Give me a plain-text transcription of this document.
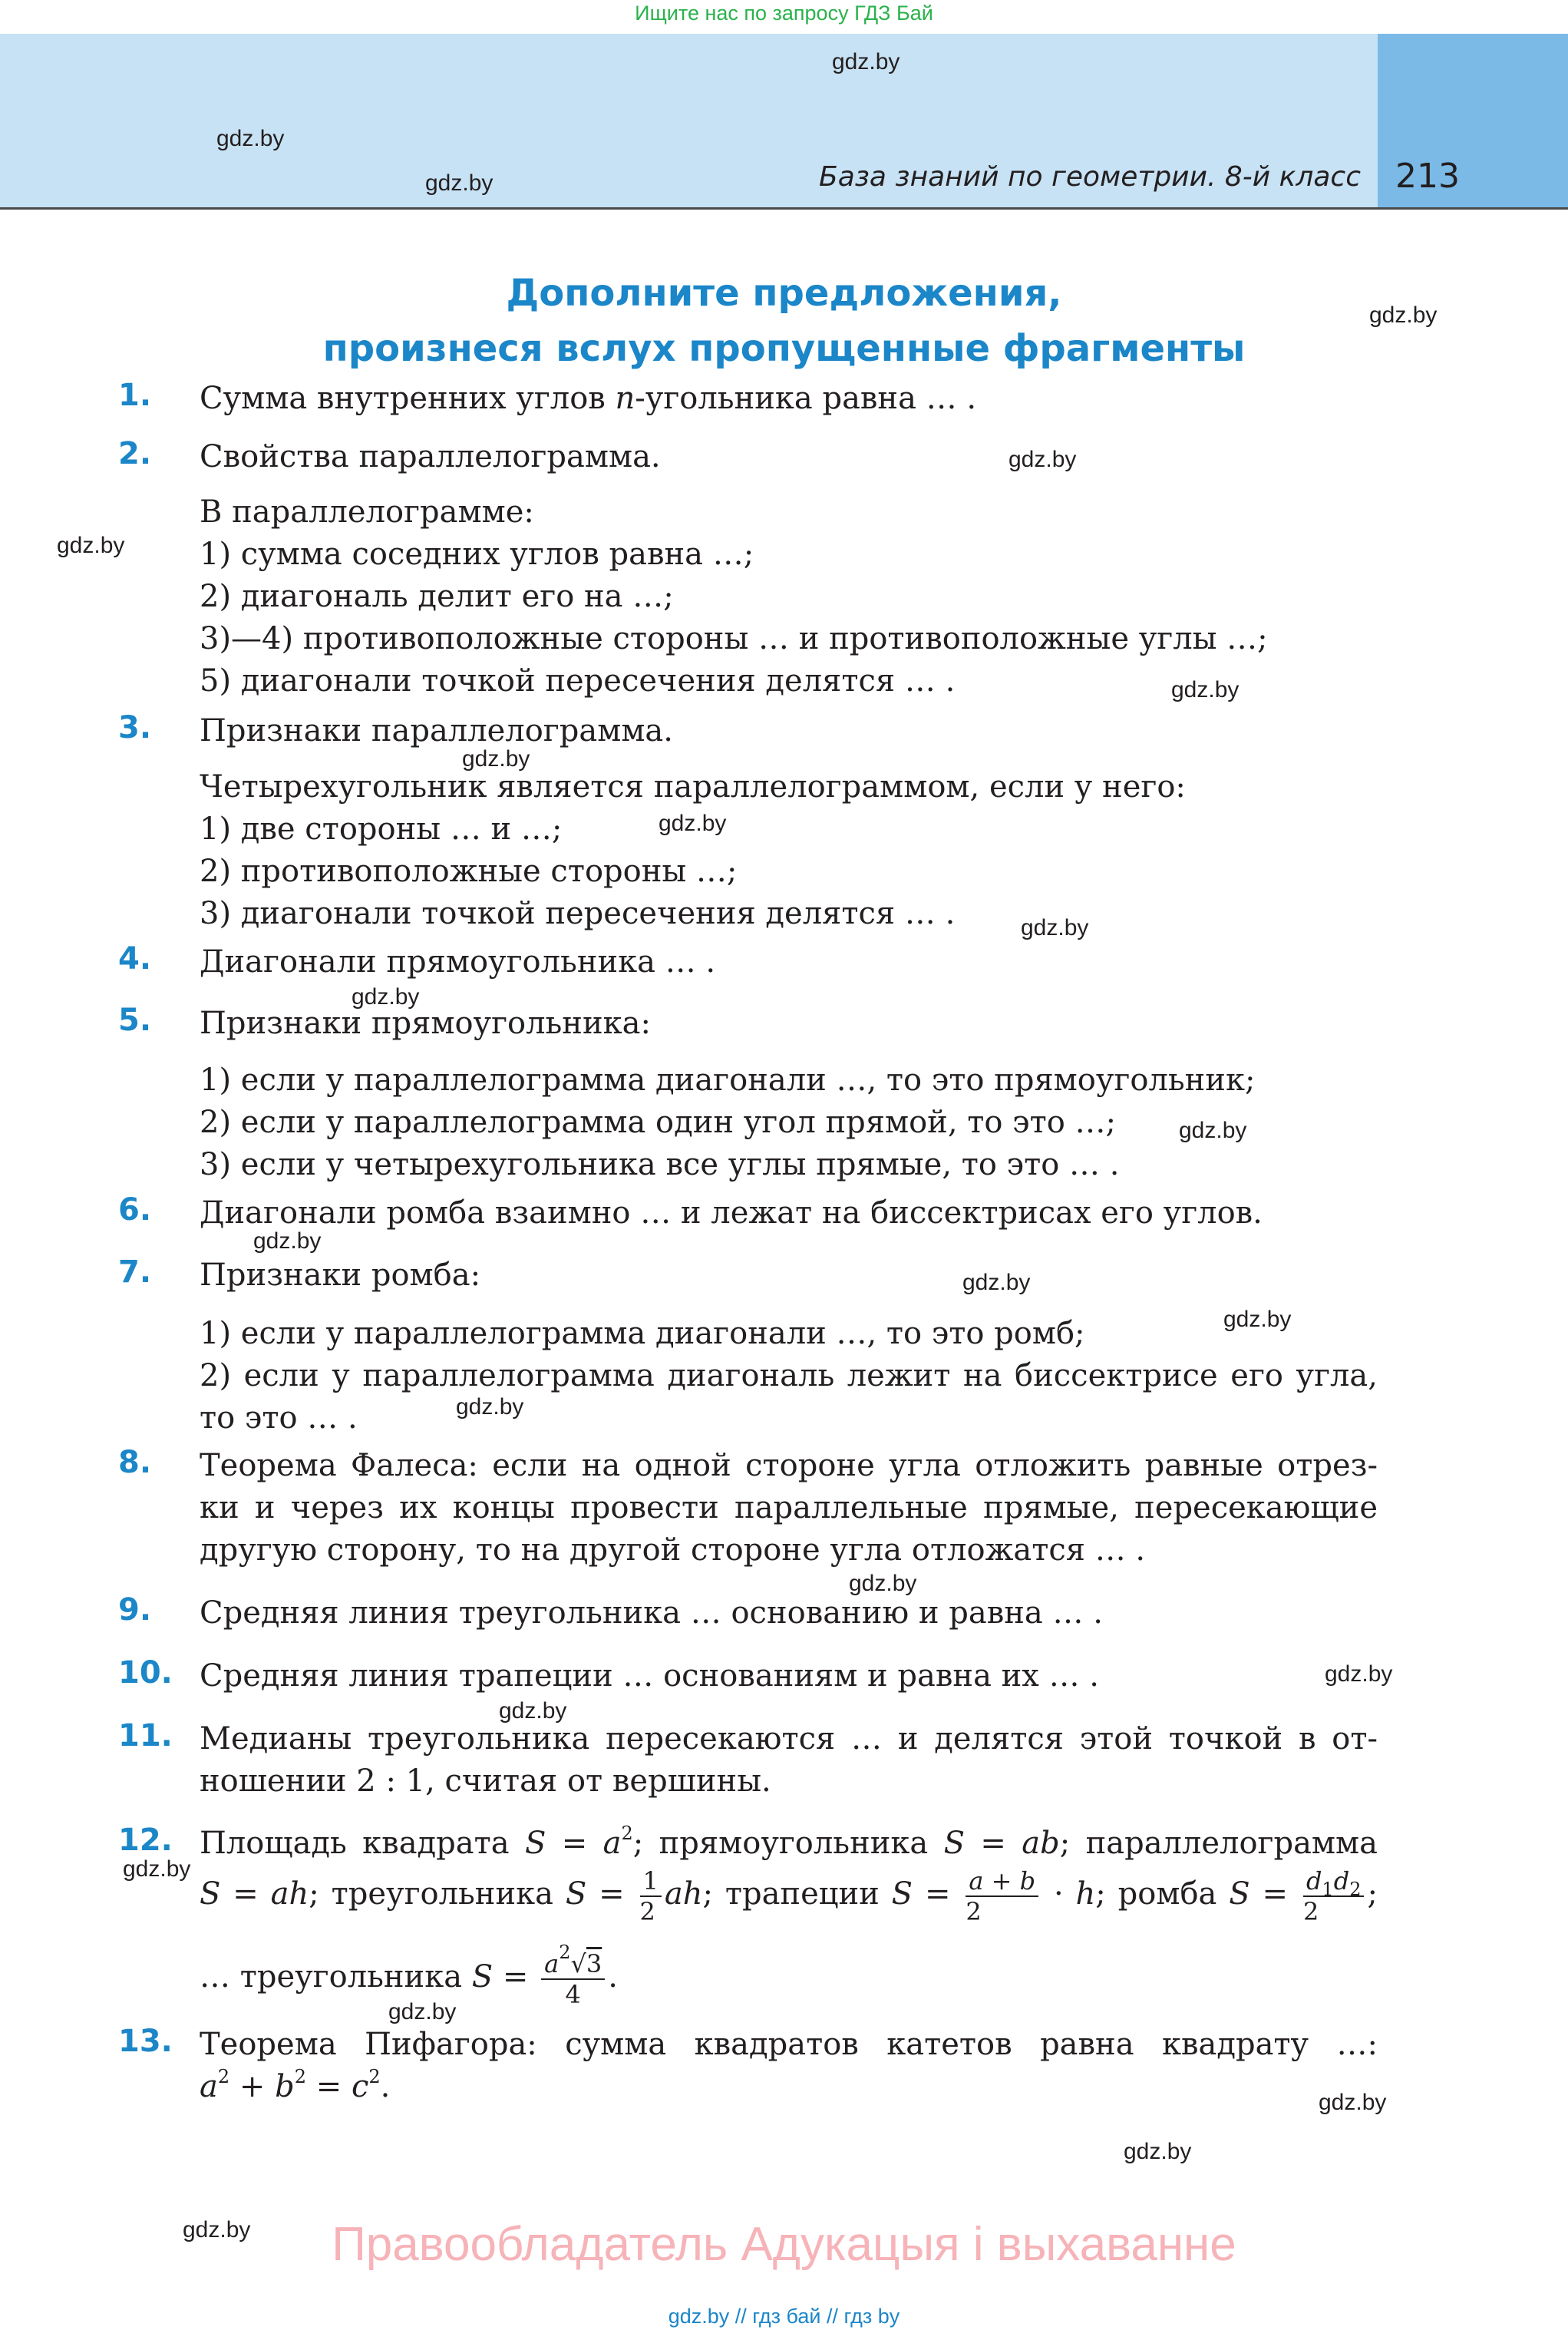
Ищите нас по запросу ГДЗ Бай
База знаний по геометрии. 8-й класс 213
gdz.by
gdz.by
gdz.by
gdz.by
gdz.by
gdz.by
gdz.by
gdz.by
gdz.by
gdz.by
gdz.by
gdz.by
gdz.by
gdz.by
gdz.by
gdz.by
gdz.by
gdz.by
gdz.by
gdz.by
gdz.by
gdz.by
gdz.by
gdz.by
Дополните предложения,
произнеся вслух пропущенные фрагменты
1. Сумма внутренних углов n-угольника равна … .
2. Свойства параллелограмма.
В параллелограмме:
1) сумма соседних углов равна …;
2) диагональ делит его на …;
3)—4) противоположные стороны … и противоположные углы …;
5) диагонали точкой пересечения делятся … .
3. Признаки параллелограмма.
Четырехугольник является параллелограммом, если у него:
1) две стороны … и …;
2) противоположные стороны …;
3) диагонали точкой пересечения делятся … .
4. Диагонали прямоугольника … .
5. Признаки прямоугольника:
1) если у параллелограмма диагонали …, то это прямоугольник;
2) если у параллелограмма один угол прямой, то это …;
3) если у четырехугольника все углы прямые, то это … .
6. Диагонали ромба взаимно … и лежат на биссектрисах его углов.
7. Признаки ромба:
1) если у параллелограмма диагонали …, то это ромб;
2) если у параллелограмма диагональ лежит на биссектрисе его угла,
то это … .
8. Теорема Фалеса: если на одной стороне угла отложить равные отрез-
ки и через их концы провести параллельные прямые, пересекающие
другую сторону, то на другой стороне угла отложатся … .
9. Средняя линия треугольника … основанию и равна … .
10. Средняя линия трапеции … основаниям и равна их … .
11. Медианы треугольника пересекаются … и делятся этой точкой в от-
ношении 2 : 1, считая от вершины.
12. Площадь квадрата $S = a^2$; прямоугольника S = ab; параллелограмма
S = ah; треугольника $S = \frac{1}{2}$ ah; трапеции $S = \frac{a + b}{2} \cdot h$; ромба $S = \frac{d_1d_2}{2}$ ;
… треугольника $S = \frac{a^2√3}{4}$ .
13. Теорема Пифагора: сумма квадратов катетов равна квадрату …:
$a^2 + b^2 = c^2$.
Правообладатель Адукацыя і выхаванне
gdz.by // гдз бай // гдз by
